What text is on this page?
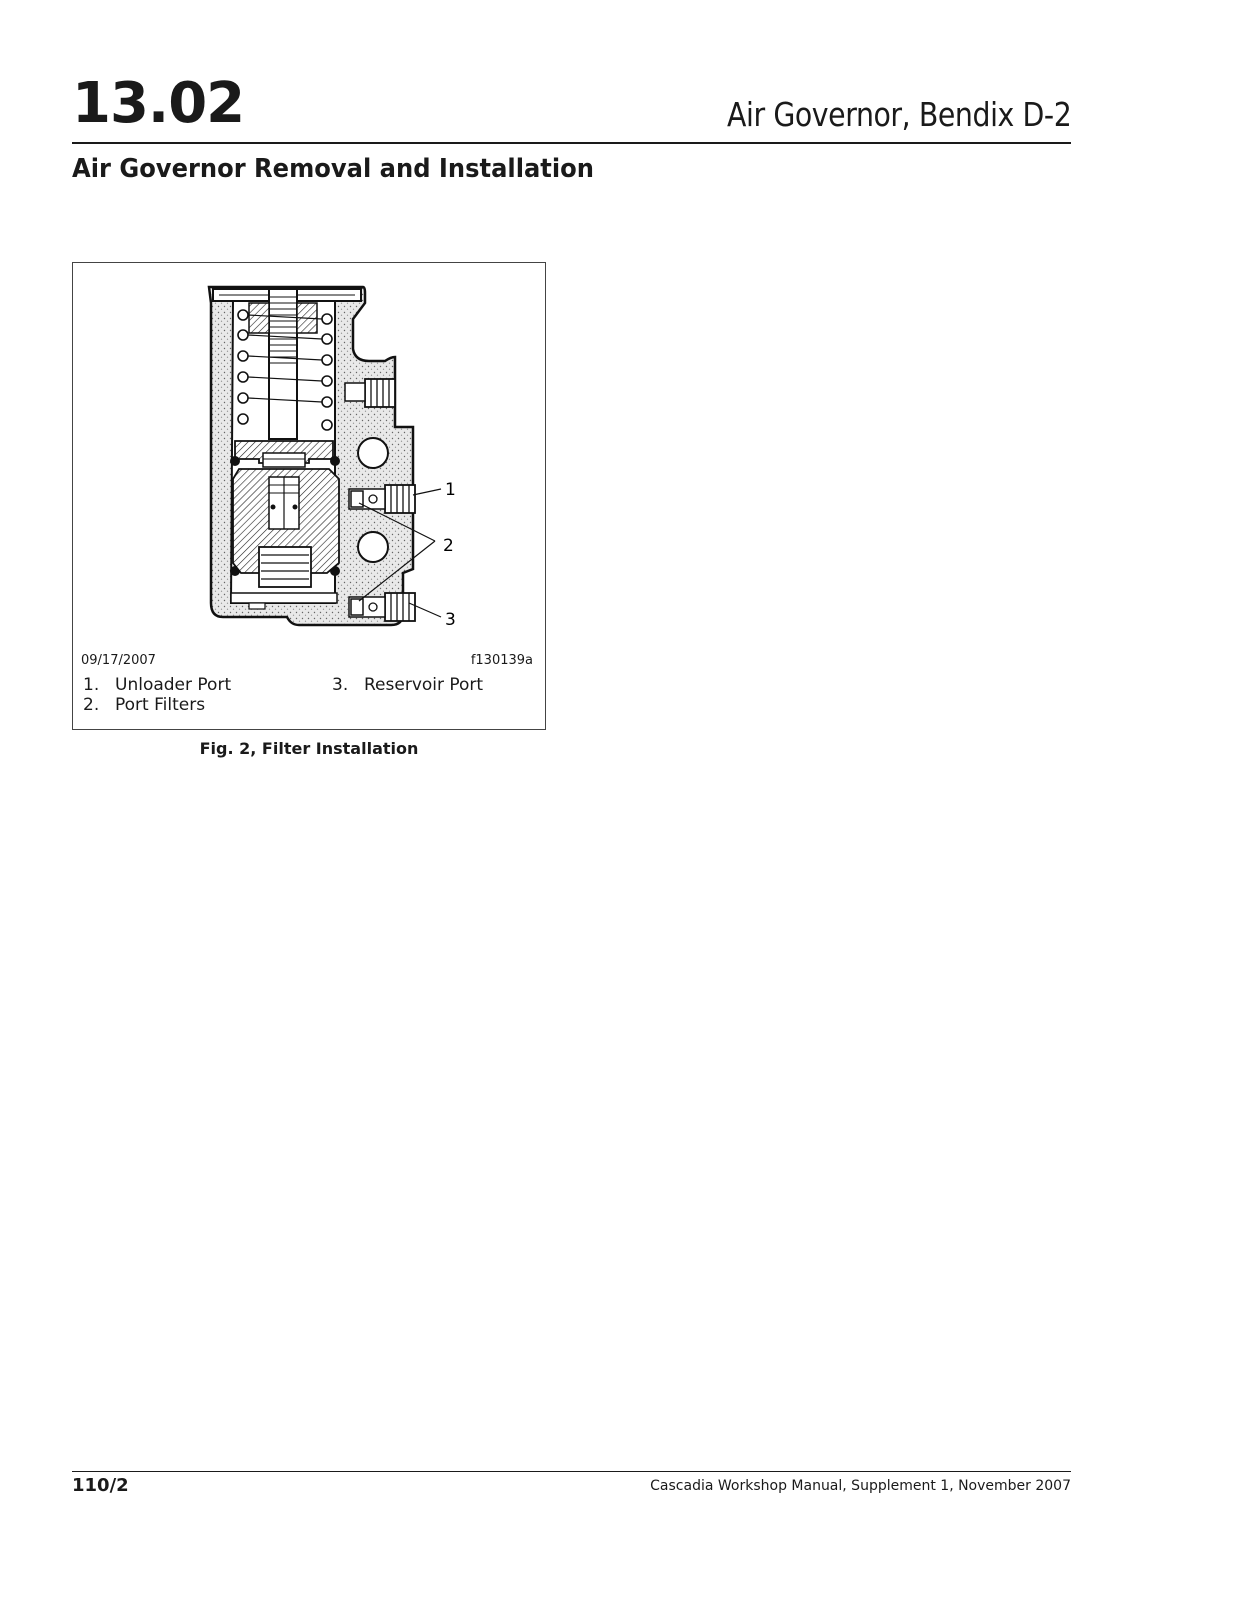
13.02	Air Governor, Bendix D-2
Air Governor Removal and Installation
1
2
3
09/17/2007	f130139a
1. Unloader Port
2. Port Filters
3. Reservoir Port
Fig. 2, Filter Installation
110/2	Cascadia Workshop Manual, Supplement 1, November 2007
